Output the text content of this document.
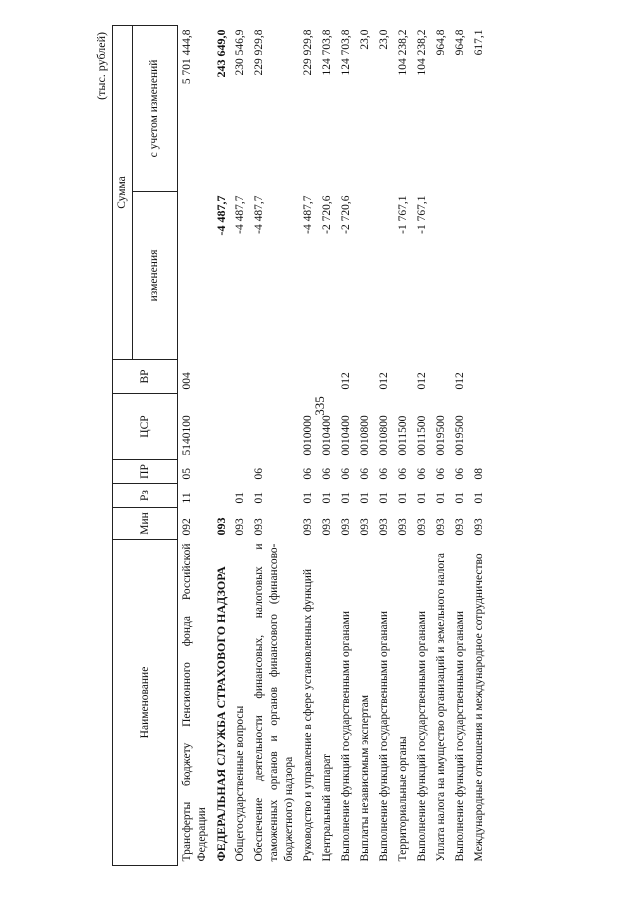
335
(тыс. рублей)
Наименование	Мин	Рз	ПР	ЦСР	ВР	Сумма	
						изменения	с учетом изменений
Трансферты бюджету Пенсионного фонда Российской Федерации	092	11	05	5140100	004		5 701 444,8
ФЕДЕРАЛЬНАЯ СЛУЖБА СТРАХОВОГО НАДЗОРА	093					-4 487,7	243 649,0
Общегосударственные вопросы	093	01				-4 487,7	230 546,9
Обеспечение деятельности финансовых, налоговых и таможенных органов и органов финансового (финансово-бюджетного) надзора	093	01	06			-4 487,7	229 929,8
Руководство и управление в сфере установленных функций	093	01	06	0010000		-4 487,7	229 929,8
Центральный аппарат	093	01	06	0010400		-2 720,6	124 703,8
Выполнение функций государственными органами	093	01	06	0010400	012	-2 720,6	124 703,8
Выплаты независимым экспертам	093	01	06	0010800			23,0
Выполнение функций государственными органами	093	01	06	0010800	012		23,0
Территориальные органы	093	01	06	0011500		-1 767,1	104 238,2
Выполнение функций государственными органами	093	01	06	0011500	012	-1 767,1	104 238,2
Уплата налога на имущество организаций и земельного налога	093	01	06	0019500			964,8
Выполнение функций государственными органами	093	01	06	0019500	012		964,8
Международные отношения и международное сотрудничество	093	01	08				617,1
